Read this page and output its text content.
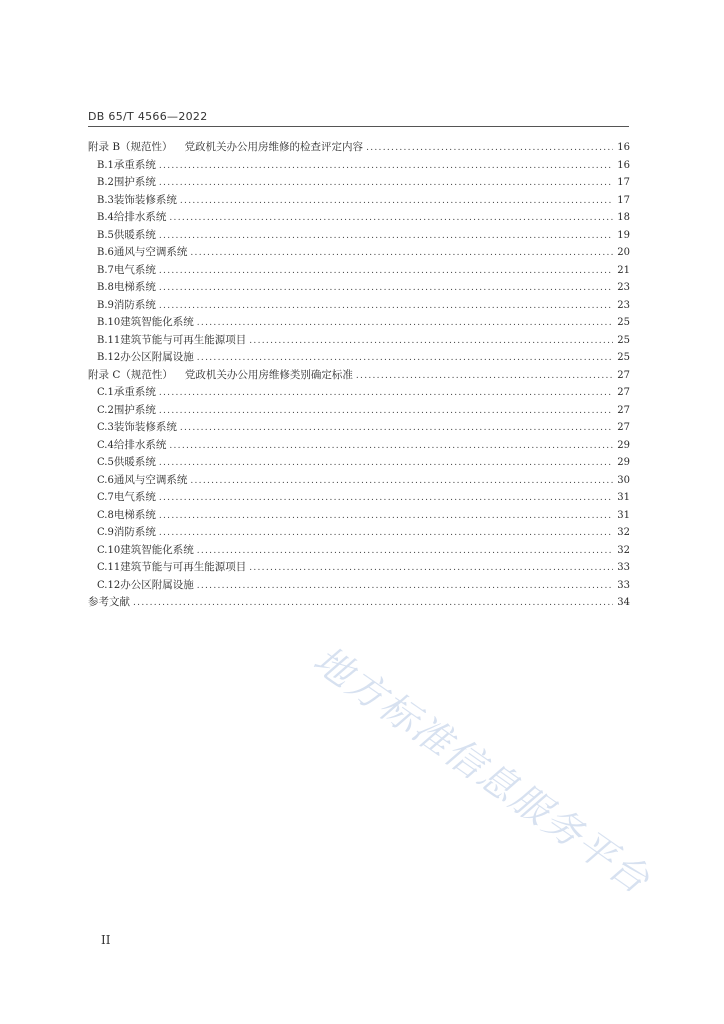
DB 65/T 4566—2022
附录 B（规范性） 党政机关办公用房维修的检查评定内容 .....	16
B.1 承重系统 .....	16
B.2 围护系统 .....	17
B.3 装饰装修系统 .....	17
B.4 给排水系统 .....	18
B.5 供暖系统 .....	19
B.6 通风与空调系统 .....	20
B.7 电气系统 .....	21
B.8 电梯系统 .....	23
B.9 消防系统 .....	23
B.10 建筑智能化系统 .....	25
B.11 建筑节能与可再生能源项目 .....	25
B.12 办公区附属设施 .....	25
附录 C（规范性） 党政机关办公用房维修类别确定标准 .....	27
C.1 承重系统 .....	27
C.2 围护系统 .....	27
C.3 装饰装修系统 .....	27
C.4 给排水系统 .....	29
C.5 供暖系统 .....	29
C.6 通风与空调系统 .....	30
C.7 电气系统 .....	31
C.8 电梯系统 .....	31
C.9 消防系统 .....	32
C.10 建筑智能化系统 .....	32
C.11 建筑节能与可再生能源项目 .....	33
C.12 办公区附属设施 .....	33
参考文献 .....	34
地方标准信息服务平台
II
